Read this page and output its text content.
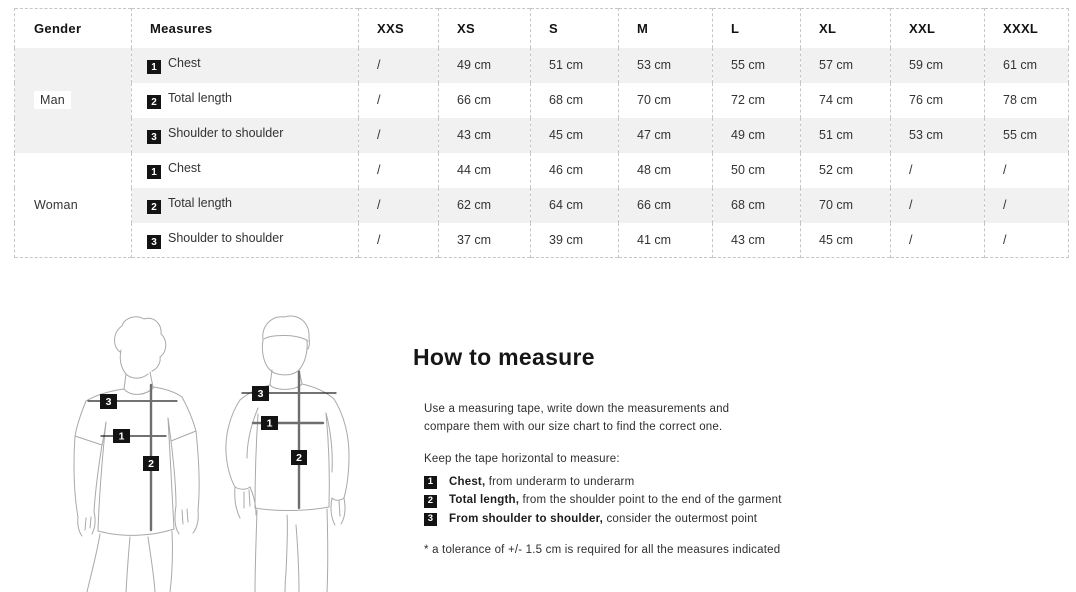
Gender	Measures	XXS	XS	S	M	L	XL	XXL	XXXL
Man	1 Chest	/	49 cm	51 cm	53 cm	55 cm	57 cm	59 cm	61 cm
	2 Total length	/	66 cm	68 cm	70 cm	72 cm	74 cm	76 cm	78 cm
	3 Shoulder to shoulder	/	43 cm	45 cm	47 cm	49 cm	51 cm	53 cm	55 cm
Woman	1 Chest	/	44 cm	46 cm	48 cm	50 cm	52 cm	/	/
	2 Total length	/	62 cm	64 cm	66 cm	68 cm	70 cm	/	/
	3 Shoulder to shoulder	/	37 cm	39 cm	41 cm	43 cm	45 cm	/	/
3
1
2
3
1
2
How to measure

Use a measuring tape, write down the measurements and compare them with our size chart to find the correct one.

Keep the tape horizontal to measure:

1	Chest, from underarm to underarm
2	Total length, from the shoulder point to the end of the garment
3	From shoulder to shoulder, consider the outermost point

* a tolerance of +/- 1.5 cm is required for all the measures indicated
